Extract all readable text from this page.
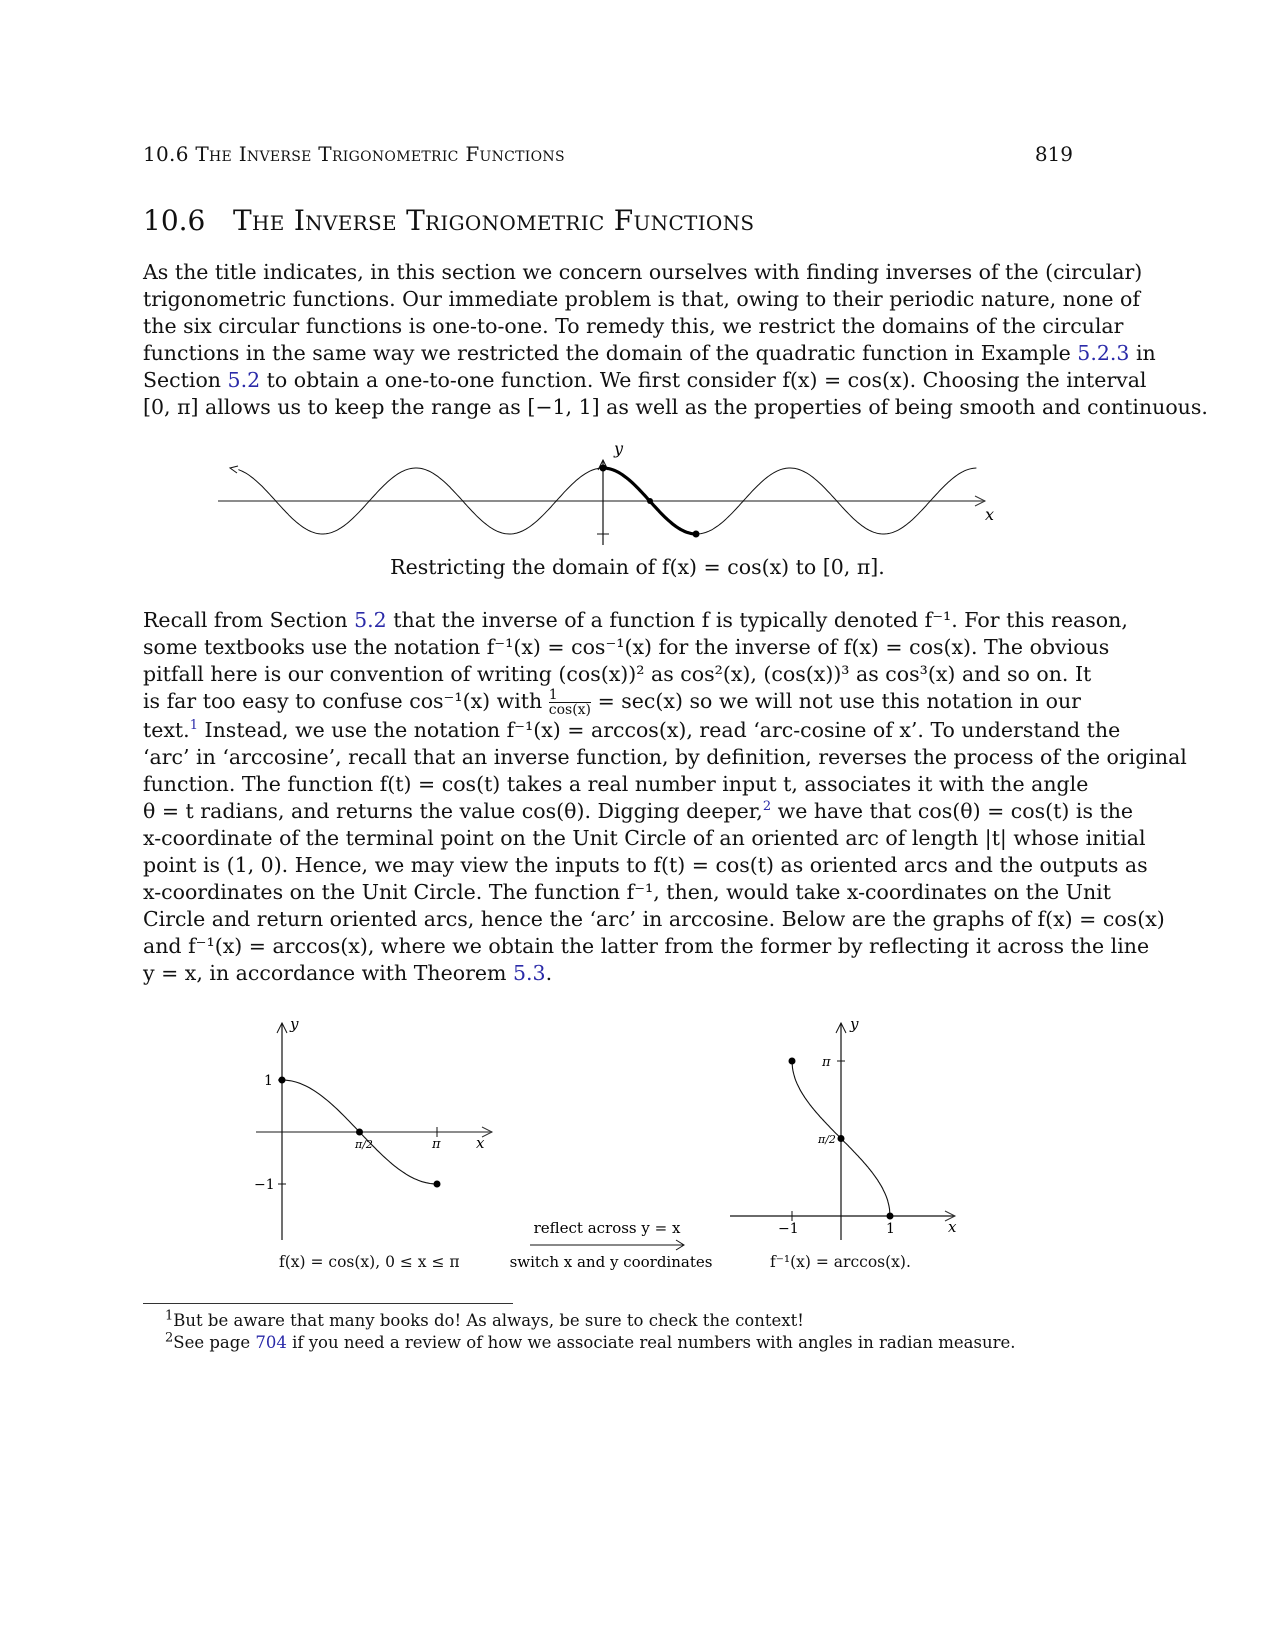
10.6 The Inverse Trigonometric Functions	819
10.6 The Inverse Trigonometric Functions
As the title indicates, in this section we concern ourselves with finding inverses of the (circular)
trigonometric functions. Our immediate problem is that, owing to their periodic nature, none of
the six circular functions is one-to-one. To remedy this, we restrict the domains of the circular
functions in the same way we restricted the domain of the quadratic function in Example 5.2.3 in
Section 5.2 to obtain a one-to-one function. We first consider f(x) = cos(x). Choosing the interval
[0, π] allows us to keep the range as [−1, 1] as well as the properties of being smooth and continuous.
y
x
Restricting the domain of f(x) = cos(x) to [0, π].
Recall from Section 5.2 that the inverse of a function f is typically denoted f⁻¹. For this reason,
some textbooks use the notation f⁻¹(x) = cos⁻¹(x) for the inverse of f(x) = cos(x). The obvious
pitfall here is our convention of writing (cos(x))² as cos²(x), (cos(x))³ as cos³(x) and so on. It
is far too easy to confuse cos⁻¹(x) with $\frac{1}{\cos(x)} = \sec(x)$ so we will not use this notation in our
text.$^1$ Instead, we use the notation f⁻¹(x) = arccos(x), read ‘arc-cosine of x’. To understand the
‘arc’ in ‘arccosine’, recall that an inverse function, by definition, reverses the process of the original
function. The function f(t) = cos(t) takes a real number input t, associates it with the angle
θ = t radians, and returns the value cos(θ). Digging deeper,$^2$ we have that cos(θ) = cos(t) is the
x-coordinate of the terminal point on the Unit Circle of an oriented arc of length |t| whose initial
point is (1, 0). Hence, we may view the inputs to f(t) = cos(t) as oriented arcs and the outputs as
x-coordinates on the Unit Circle. The function f⁻¹, then, would take x-coordinates on the Unit
Circle and return oriented arcs, hence the ‘arc’ in arccosine. Below are the graphs of f(x) = cos(x)
and f⁻¹(x) = arccos(x), where we obtain the latter from the former by reflecting it across the line
y = x, in accordance with Theorem 5.3.
y
x
1
−1
π/2	π
reflect across y = x
switch x and y coordinates
y
x
π
π/2
−1	1
f(x) = cos(x), 0 ≤ x ≤ π	f⁻¹(x) = arccos(x).
$^1$But be aware that many books do! As always, be sure to check the context!
$^2$See page 704 if you need a review of how we associate real numbers with angles in radian measure.
